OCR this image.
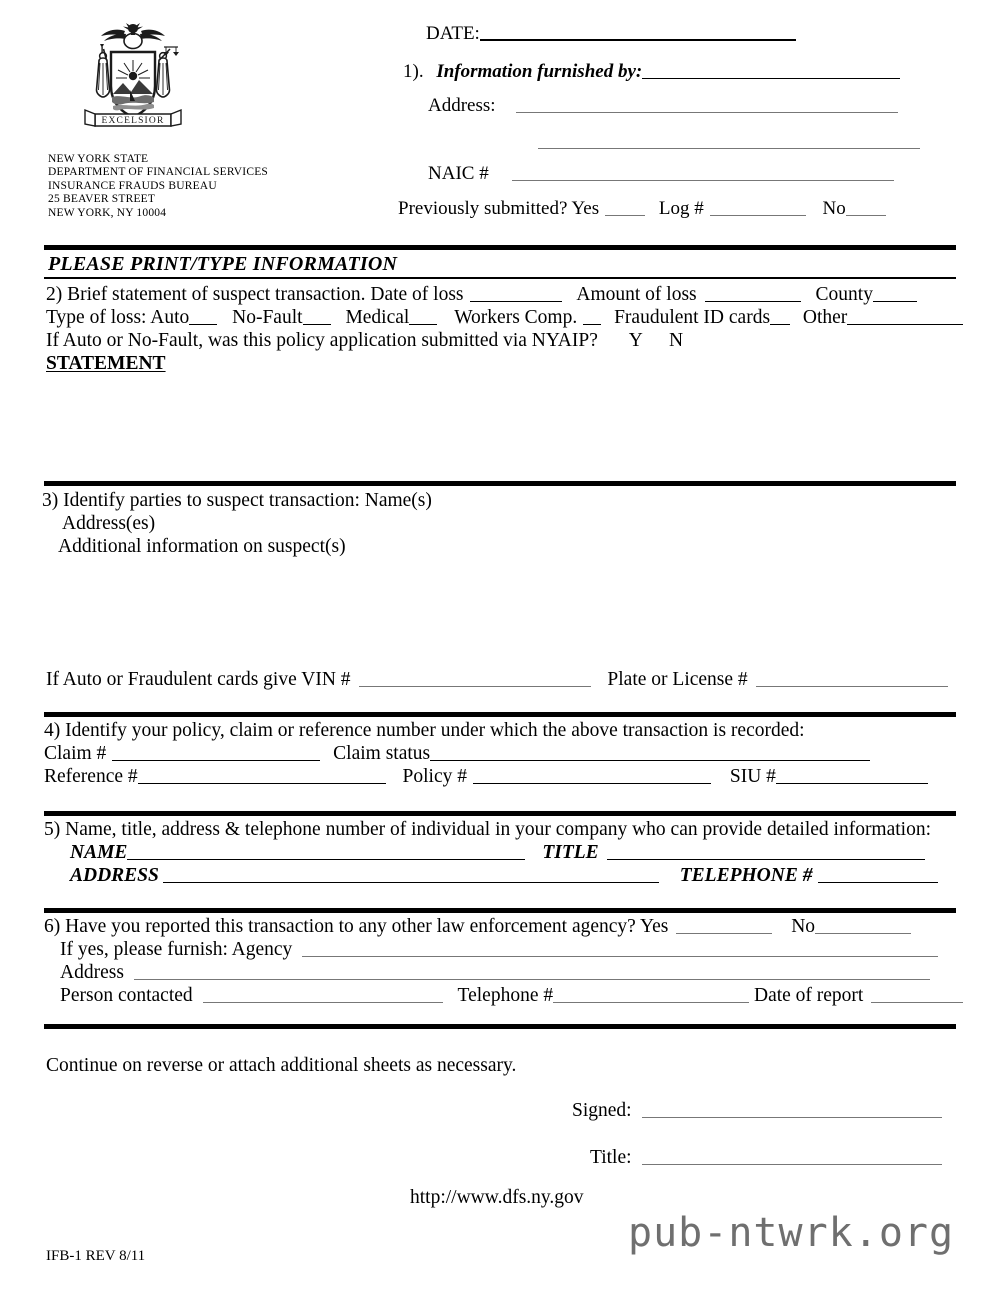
EXCELSIOR
NEW YORK STATE
DEPARTMENT OF FINANCIAL SERVICES
INSURANCE FRAUDS BUREAU
25 BEAVER STREET
NEW YORK, NY 10004
DATE:
1). Information furnished by:
Address:
NAIC #
Previously submitted? Yes	Log #	No
PLEASE PRINT/TYPE INFORMATION
2) Brief statement of suspect transaction. Date of loss	Amount of loss	County
Type of loss: Auto No-Fault Medical Workers Comp. Fraudulent ID cards Other
If Auto or No-Fault, was this policy application submitted via NYAIP? Y N
STATEMENT
3) Identify parties to suspect transaction: Name(s)
Address(es)
Additional information on suspect(s)
If Auto or Fraudulent cards give VIN #	Plate or License #
4) Identify your policy, claim or reference number under which the above transaction is recorded:
Claim #	Claim status
Reference #	Policy #	SIU #
5) Name, title, address & telephone number of individual in your company who can provide detailed information:
NAME	TITLE
ADDRESS	TELEPHONE #
6) Have you reported this transaction to any other law enforcement agency? Yes	No
If yes, please furnish: Agency
Address
Person contacted	Telephone #	Date of report
Continue on reverse or attach additional sheets as necessary.
Signed:
Title:
http://www.dfs.ny.gov
pub-ntwrk.org
IFB-1 REV 8/11
